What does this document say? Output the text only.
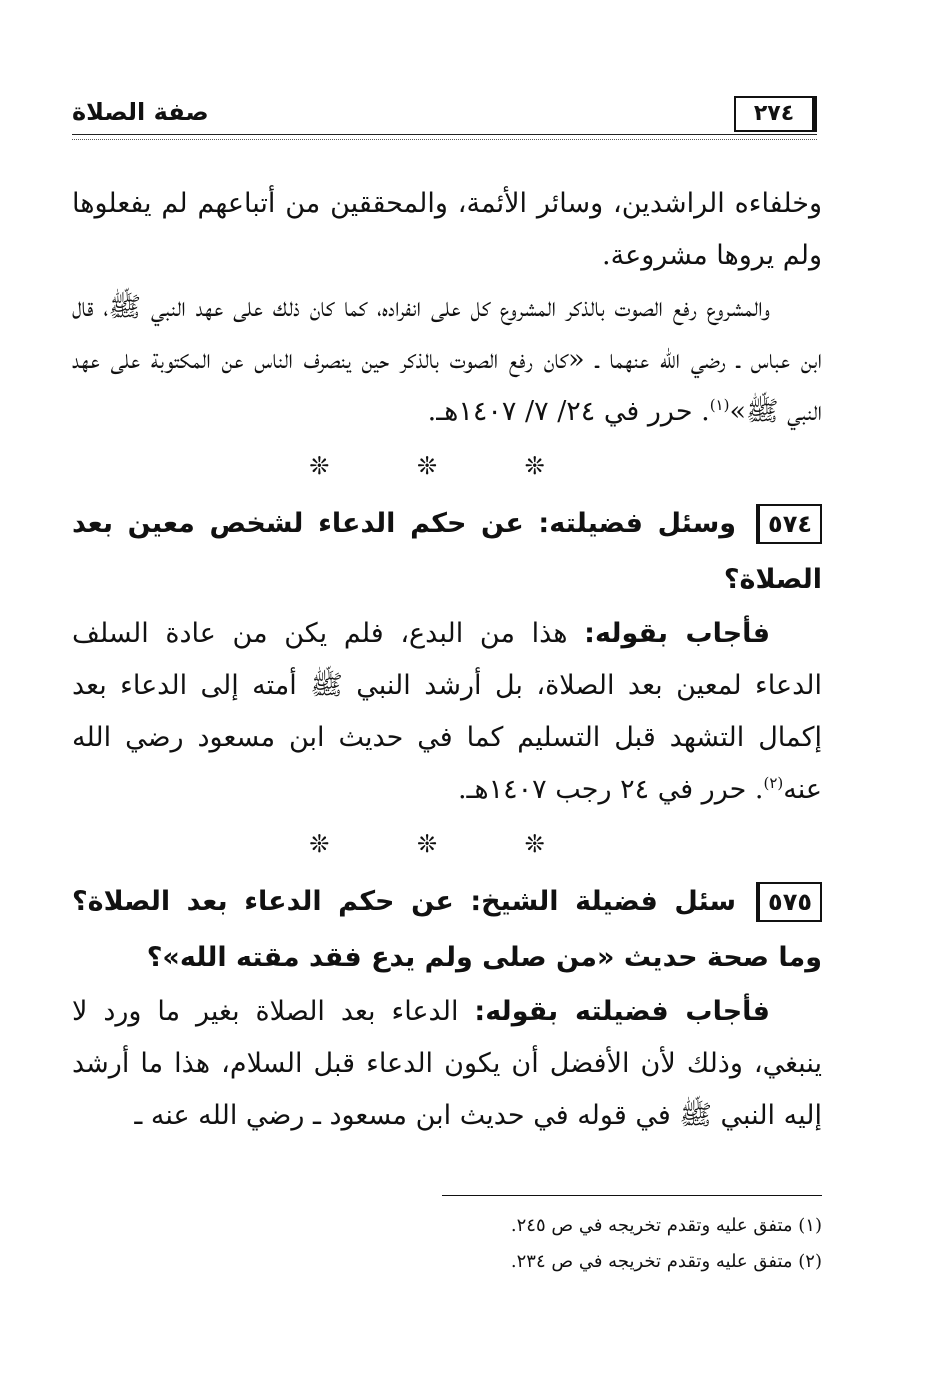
صفة الصلاة	٢٧٤

وخلفاءه الراشدين، وسائر الأئمة، والمحققين من أتباعهم لم يفعلوها ولم يروها مشروعة.

والمشروع رفع الصوت بالذكر المشروع كل على انفراده، كما كان ذلك على عهد النبي ﷺ، قال ابن عباس ـ رضي الله عنهما ـ «كان رفع الصوت بالذكر حين ينصرف الناس عن المكتوبة على عهد النبي ﷺ»$^{(١)}$. حرر في ٢٤/ ٧/ ١٤٠٧هـ.

❊ ❊ ❊

٥٧٤وسئل فضيلته: عن حكم الدعاء لشخص معين بعد الصلاة؟

فأجاب بقوله: هذا من البدع، فلم يكن من عادة السلف الدعاء لمعين بعد الصلاة، بل أرشد النبي ﷺ أمته إلى الدعاء بعد إكمال التشهد قبل التسليم كما في حديث ابن مسعود رضي الله عنه$^{(٢)}$. حرر في ٢٤ رجب ١٤٠٧هـ.

❊ ❊ ❊

٥٧٥سئل فضيلة الشيخ: عن حكم الدعاء بعد الصلاة؟ وما صحة حديث «من صلى ولم يدع فقد مقته الله»؟

فأجاب فضيلته بقوله: الدعاء بعد الصلاة بغير ما ورد لا ينبغي، وذلك لأن الأفضل أن يكون الدعاء قبل السلام، هذا ما أرشد إليه النبي ﷺ في قوله في حديث ابن مسعود ـ رضي الله عنه ـ

(١) متفق عليه وتقدم تخريجه في ص ٢٤٥.

(٢) متفق عليه وتقدم تخريجه في ص ٢٣٤.
